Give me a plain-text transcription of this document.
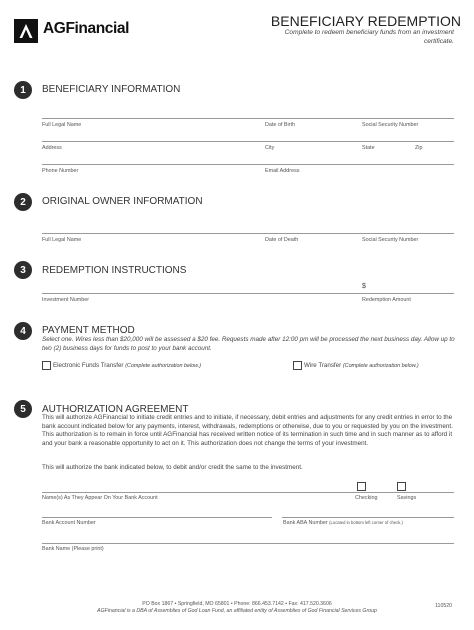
AGFinancial	BENEFICIARY REDEMPTION
Complete to redeem beneficiary funds from an investment certificate.
1	BENEFICIARY INFORMATION
Full Legal Name	Date of Birth	Social Security Number
Address	City	State	Zip
Phone Number	Email Address
2	ORIGINAL OWNER INFORMATION
Full Legal Name	Date of Death	Social Security Number
3	REDEMPTION INSTRUCTIONS
$
Investment Number	Redemption Amount
4	PAYMENT METHOD
Select one. Wires less than $20,000 will be assessed a $20 fee. Requests made after 12:00 pm will be processed the next business day. Allow up to two (2) business days for funds to post to your bank account.
Electronic Funds Transfer (Complete authorization below.)	Wire Transfer (Complete authorization below.)
5	AUTHORIZATION AGREEMENT
This will authorize AGFinancial to initiate credit entries and to initiate, if necessary, debit entries and adjustments for any credit entries in error to the bank account indicated below for any payments, interest, withdrawals, redemptions or otherwise, due to you or requested by you on the investment. This authorization is to remain in force until AGFinancial has received written notice of its termination in such time and in such manner as to afford it and your bank a reasonable opportunity to act on it. This authorization does not change the terms of your investment.
This will authorize the bank indicated below, to debit and/or credit the same to the investment.
Name(s) As They Appear On Your Bank Account	Checking	Savings
Bank Account Number	Bank ABA Number (Located in bottom left corner of check.)
Bank Name (Please print)
PO Box 1867 • Springfield, MO 65801 • Phone: 866.453.7142 • Fax: 417.520.3606
AGFinancial is a DBA of Assemblies of God Loan Fund, an affiliated entity of Assemblies of God Financial Services Group
110520
